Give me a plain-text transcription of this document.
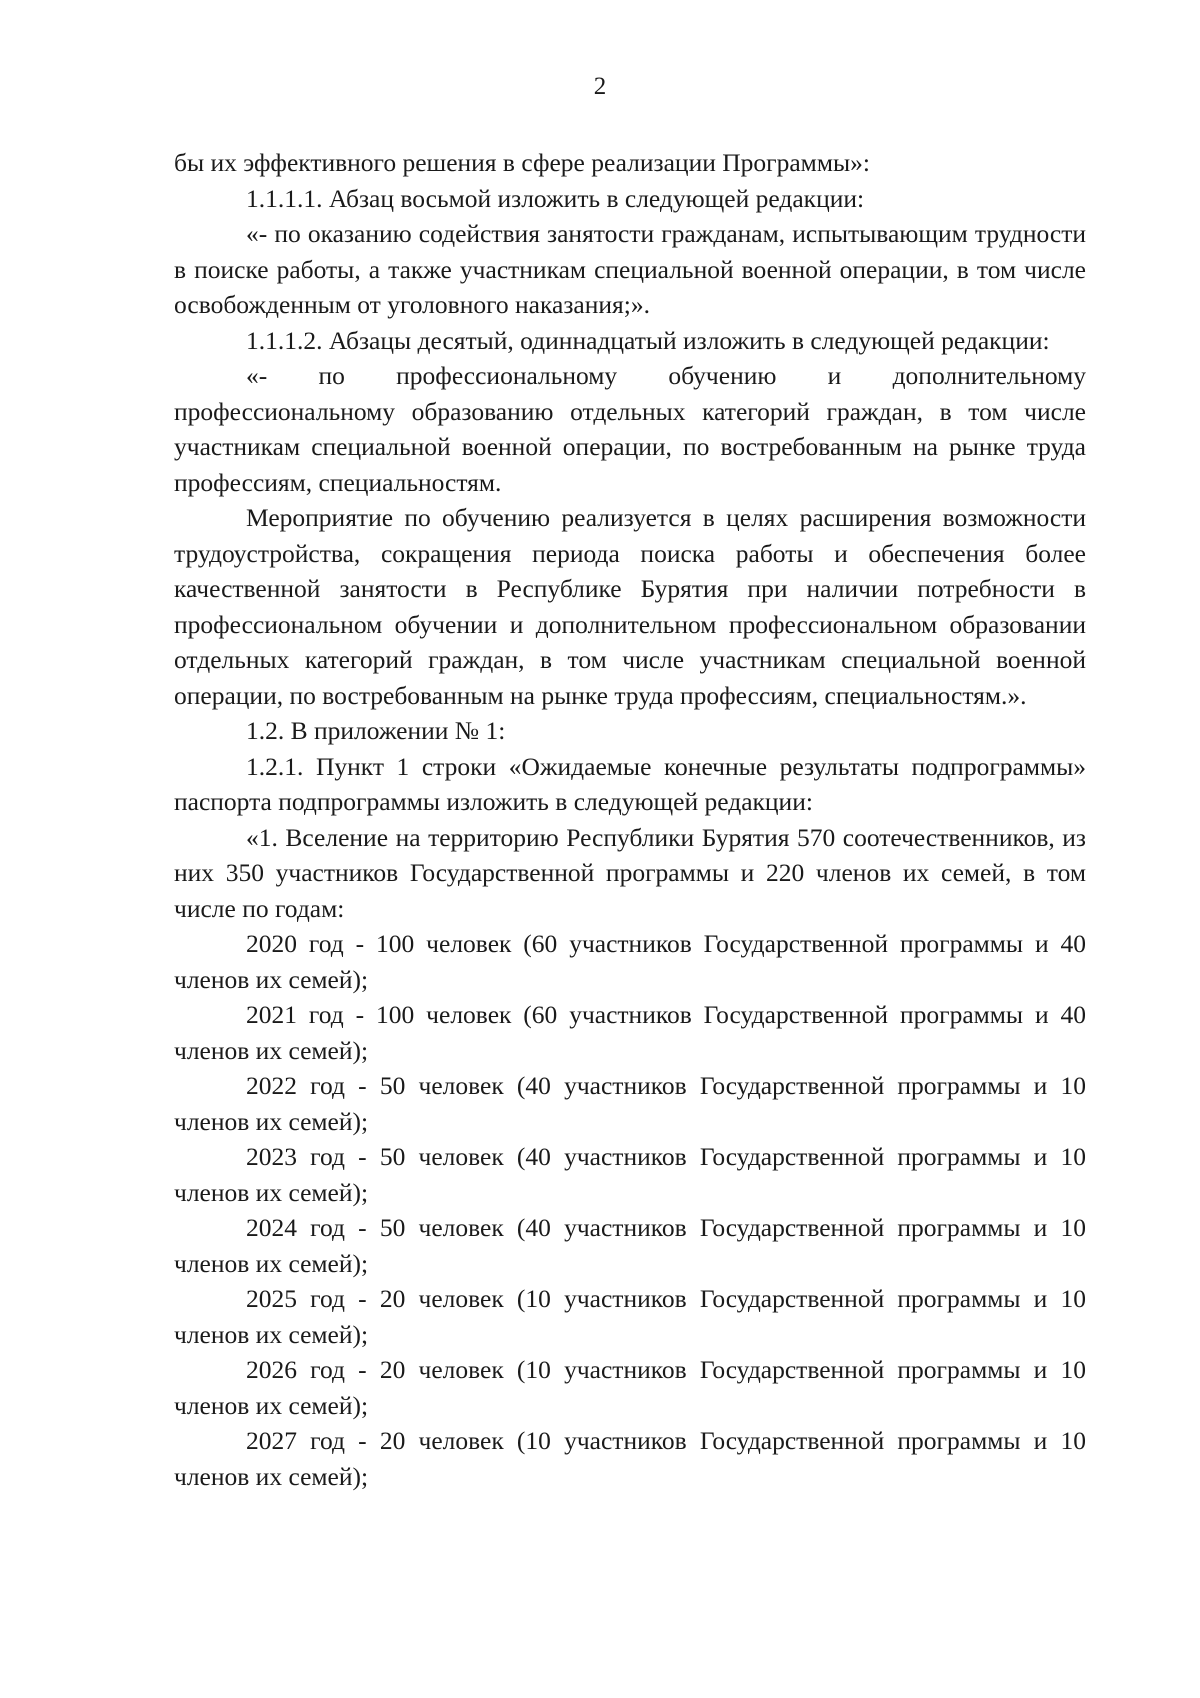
2

бы их эффективного решения в сфере реализации Программы»:

1.1.1.1. Абзац восьмой изложить в следующей редакции:

«- по оказанию содействия занятости гражданам, испытывающим трудности в поиске работы, а также участникам специальной военной операции, в том числе освобожденным от уголовного наказания;».

1.1.1.2. Абзацы десятый, одиннадцатый изложить в следующей редакции:

«- по профессиональному обучению и дополнительному профессиональному образованию отдельных категорий граждан, в том числе участникам специальной военной операции, по востребованным на рынке труда профессиям, специальностям.

Мероприятие по обучению реализуется в целях расширения возможности трудоустройства, сокращения периода поиска работы и обеспечения более качественной занятости в Республике Бурятия при наличии потребности в профессиональном обучении и дополнительном профессиональном образовании отдельных категорий граждан, в том числе участникам специальной военной операции, по востребованным на рынке труда профессиям, специальностям.».

1.2. В приложении № 1:

1.2.1. Пункт 1 строки «Ожидаемые конечные результаты подпрограммы» паспорта подпрограммы изложить в следующей редакции:

«1. Вселение на территорию Республики Бурятия 570 соотечественников, из них 350 участников Государственной программы и 220 членов их семей, в том числе по годам:

2020 год - 100 человек (60 участников Государственной программы и 40 членов их семей);

2021 год - 100 человек (60 участников Государственной программы и 40 членов их семей);

2022 год - 50 человек (40 участников Государственной программы и 10 членов их семей);

2023 год - 50 человек (40 участников Государственной программы и 10 членов их семей);

2024 год - 50 человек (40 участников Государственной программы и 10 членов их семей);

2025 год - 20 человек (10 участников Государственной программы и 10 членов их семей);

2026 год - 20 человек (10 участников Государственной программы и 10 членов их семей);

2027 год - 20 человек (10 участников Государственной программы и 10 членов их семей);
